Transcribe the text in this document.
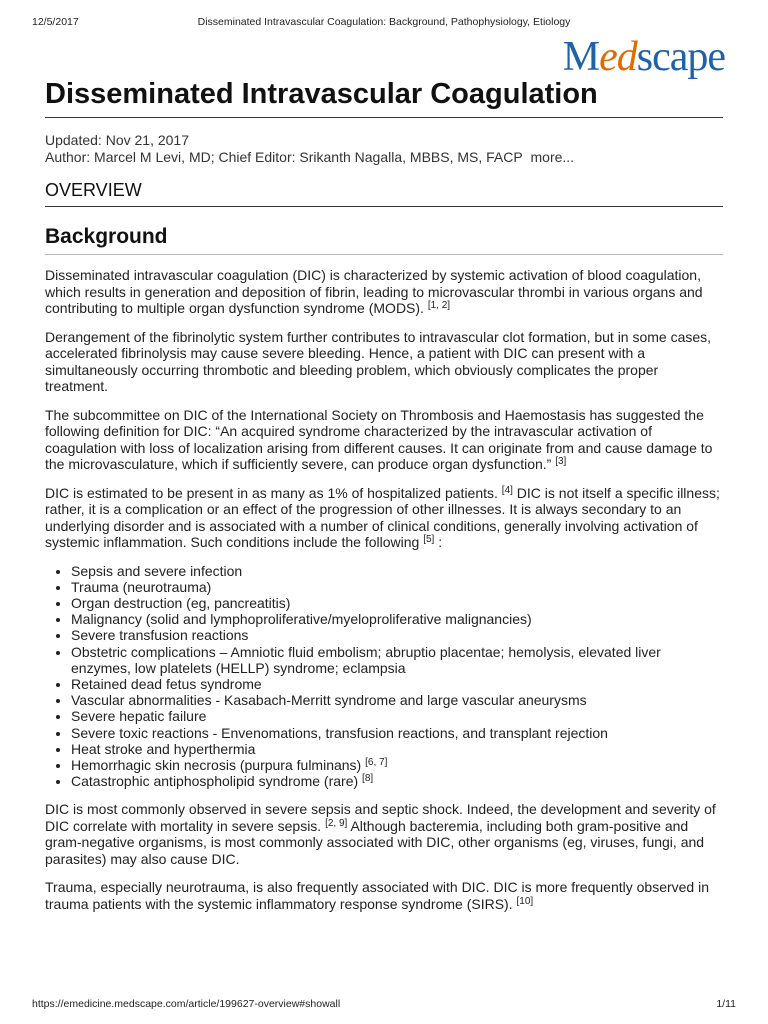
12/5/2017	Disseminated Intravascular Coagulation: Background, Pathophysiology, Etiology
Medscape
Disseminated Intravascular Coagulation
Updated: Nov 21, 2017
Author: Marcel M Levi, MD; Chief Editor: Srikanth Nagalla, MBBS, MS, FACP more...
OVERVIEW
Background

Disseminated intravascular coagulation (DIC) is characterized by systemic activation of blood coagulation, which results in generation and deposition of fibrin, leading to microvascular thrombi in various organs and contributing to multiple organ dysfunction syndrome (MODS). [1, 2]

Derangement of the fibrinolytic system further contributes to intravascular clot formation, but in some cases, accelerated fibrinolysis may cause severe bleeding. Hence, a patient with DIC can present with a simultaneously occurring thrombotic and bleeding problem, which obviously complicates the proper treatment.

The subcommittee on DIC of the International Society on Thrombosis and Haemostasis has suggested the following definition for DIC: “An acquired syndrome characterized by the intravascular activation of coagulation with loss of localization arising from different causes. It can originate from and cause damage to the microvasculature, which if sufficiently severe, can produce organ dysfunction.” [3]

DIC is estimated to be present in as many as 1% of hospitalized patients. [4] DIC is not itself a specific illness; rather, it is a complication or an effect of the progression of other illnesses. It is always secondary to an underlying disorder and is associated with a number of clinical conditions, generally involving activation of systemic inflammation. Such conditions include the following [5] :

• Sepsis and severe infection
• Trauma (neurotrauma)
• Organ destruction (eg, pancreatitis)
• Malignancy (solid and lymphoproliferative/myeloproliferative malignancies)
• Severe transfusion reactions
• Obstetric complications – Amniotic fluid embolism; abruptio placentae; hemolysis, elevated liver enzymes, low platelets (HELLP) syndrome; eclampsia
• Retained dead fetus syndrome
• Vascular abnormalities - Kasabach-Merritt syndrome and large vascular aneurysms
• Severe hepatic failure
• Severe toxic reactions - Envenomations, transfusion reactions, and transplant rejection
• Heat stroke and hyperthermia
• Hemorrhagic skin necrosis (purpura fulminans) [6, 7]
• Catastrophic antiphospholipid syndrome (rare) [8]

DIC is most commonly observed in severe sepsis and septic shock. Indeed, the development and severity of DIC correlate with mortality in severe sepsis. [2, 9] Although bacteremia, including both gram-positive and gram-negative organisms, is most commonly associated with DIC, other organisms (eg, viruses, fungi, and parasites) may also cause DIC.

Trauma, especially neurotrauma, is also frequently associated with DIC. DIC is more frequently observed in trauma patients with the systemic inflammatory response syndrome (SIRS). [10]

https://emedicine.medscape.com/article/199627-overview#showall	1/11
